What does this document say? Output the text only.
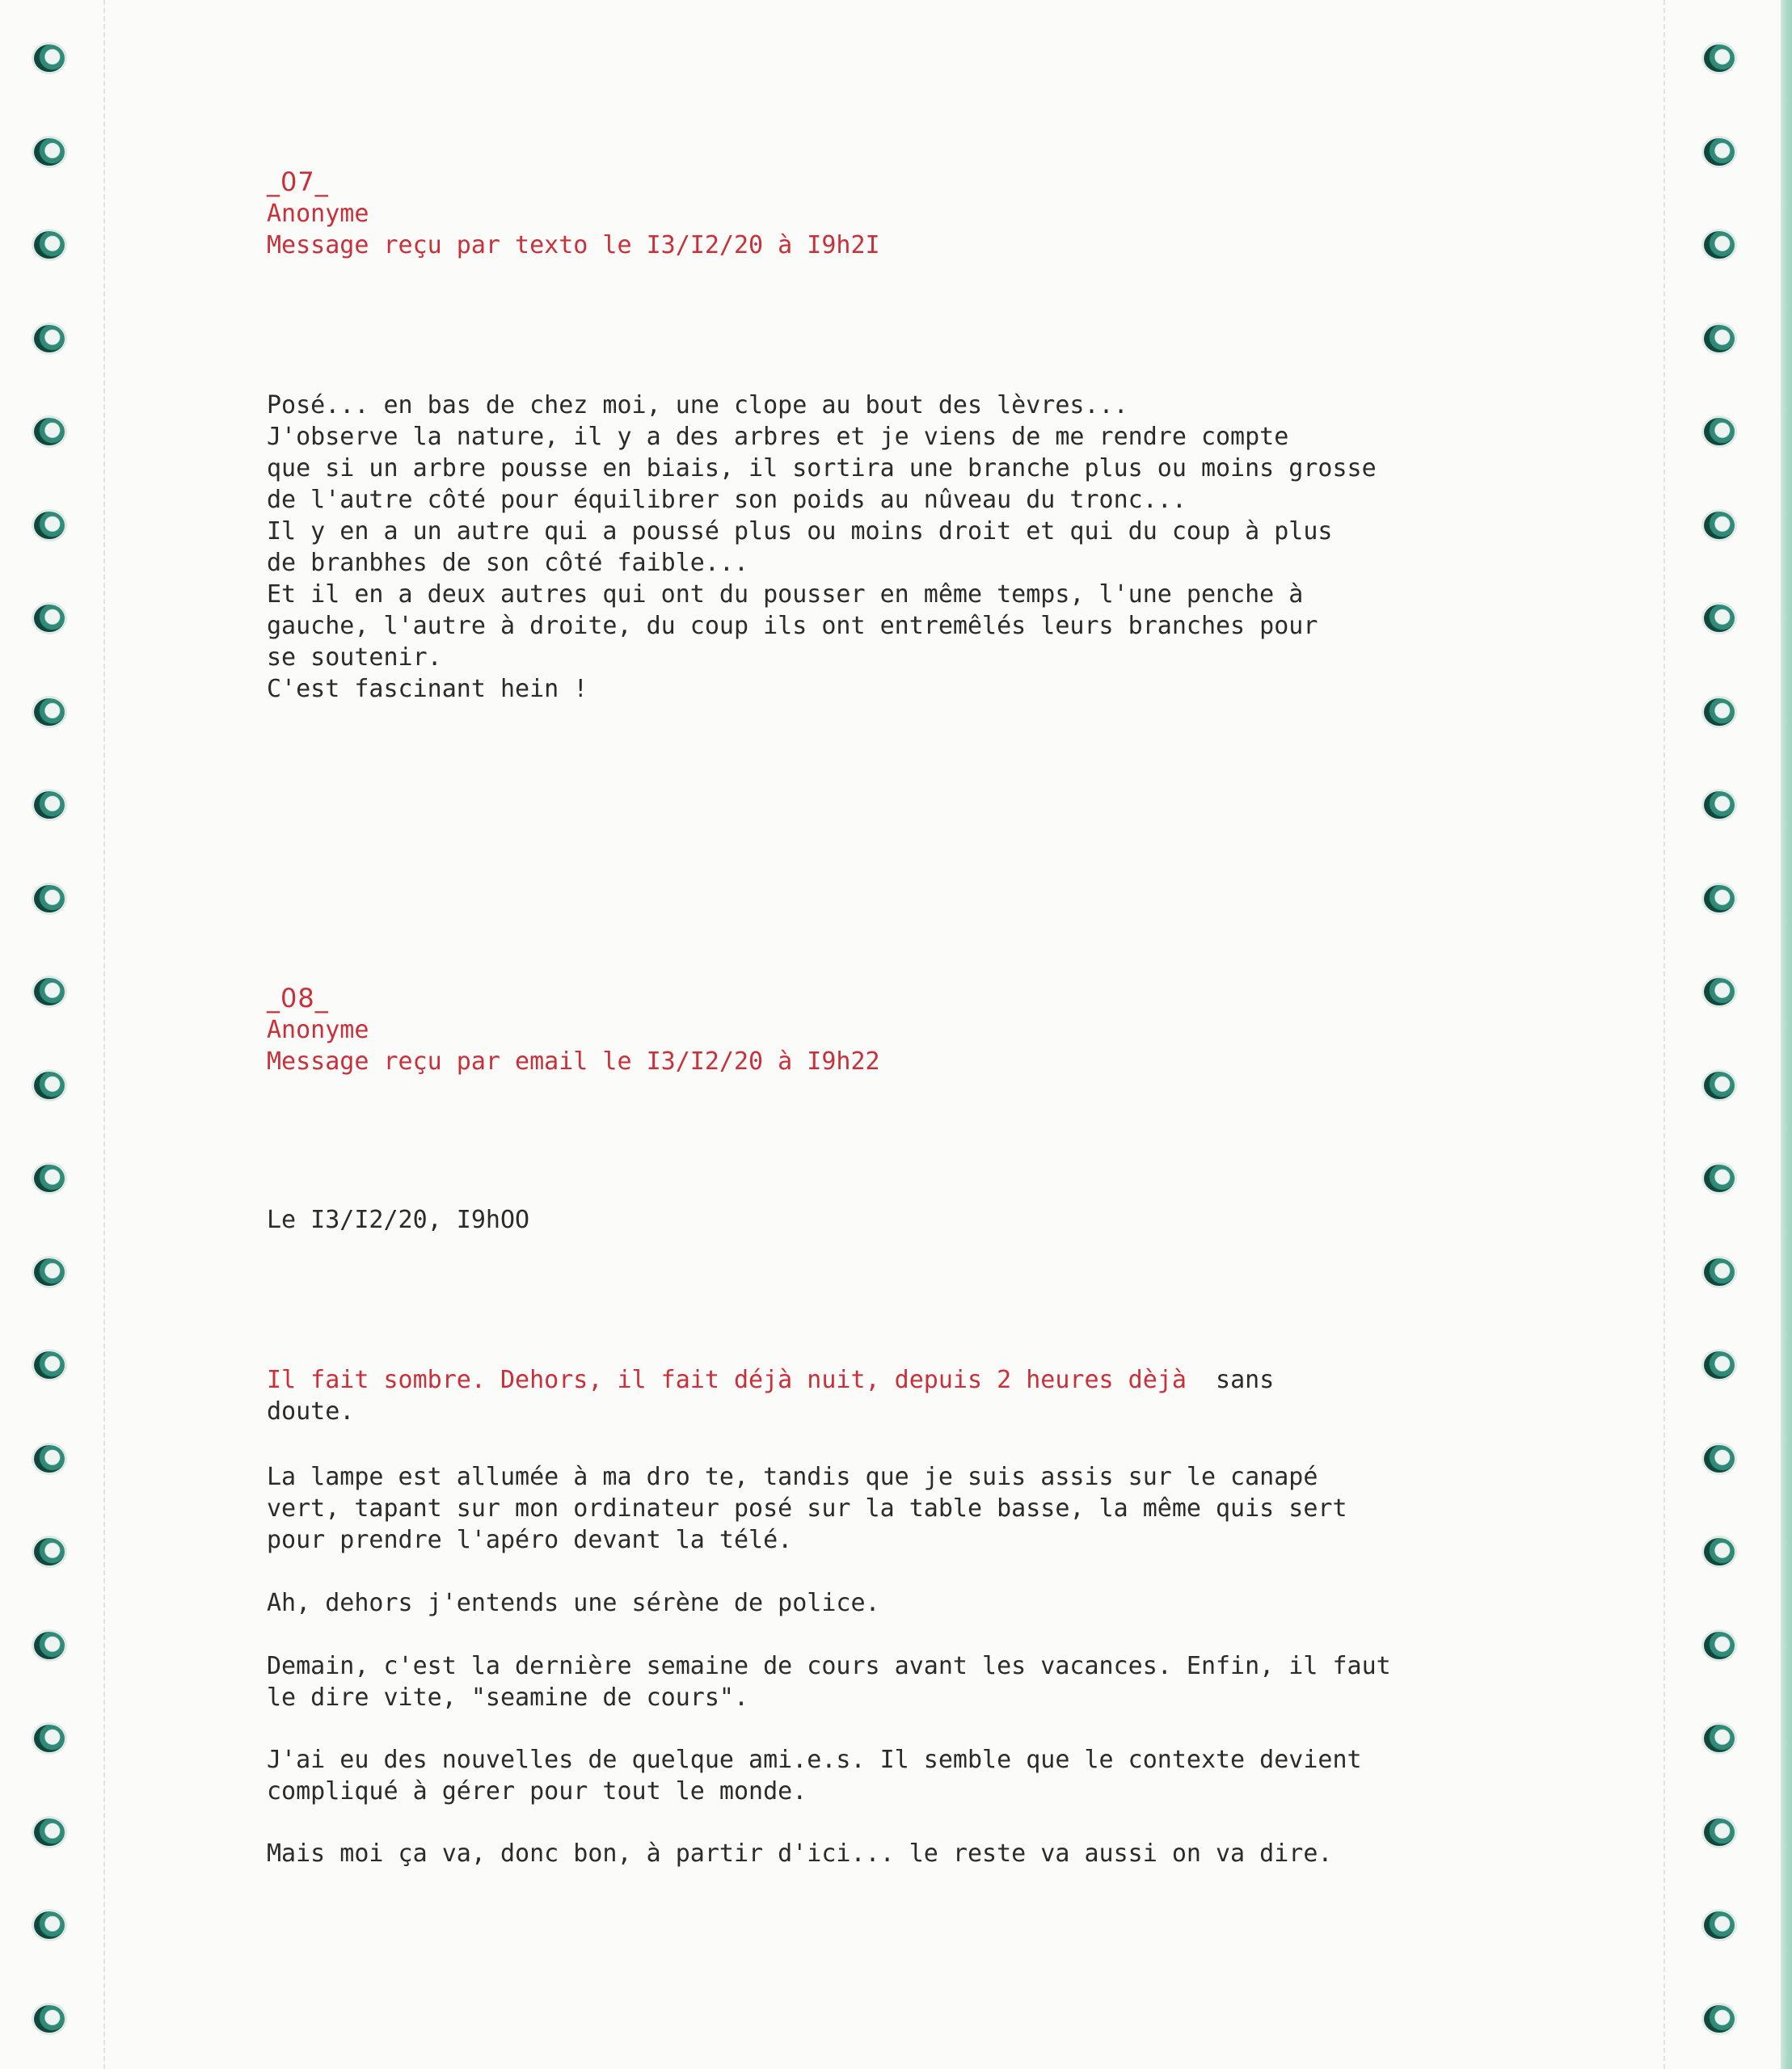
_07_
Anonyme
Message reçu par texto le I3/I2/20 à I9h2I
Posé... en bas de chez moi, une clope au bout des lèvres...
J'observe la nature, il y a des arbres et je viens de me rendre compte
que si un arbre pousse en biais, il sortira une branche plus ou moins grosse
de l'autre côté pour équilibrer son poids au nûveau du tronc...
Il y en a un autre qui a poussé plus ou moins droit et qui du coup à plus
de branbhes de son côté faible...
Et il en a deux autres qui ont du pousser en même temps, l'une penche à
gauche, l'autre à droite, du coup ils ont entremêlés leurs branches pour
se soutenir.
C'est fascinant hein !
_08_
Anonyme
Message reçu par email le I3/I2/20 à I9h22
Le I3/I2/20, I9hOO
Il fait sombre. Dehors, il fait déjà nuit, depuis 2 heures dèjà  sans
doute.
La lampe est allumée à ma dro te, tandis que je suis assis sur le canapé
vert, tapant sur mon ordinateur posé sur la table basse, la même quis sert
pour prendre l'apéro devant la télé.
Ah, dehors j'entends une sérène de police.
Demain, c'est la dernière semaine de cours avant les vacances. Enfin, il faut
le dire vite, "seamine de cours".
J'ai eu des nouvelles de quelque ami.e.s. Il semble que le contexte devient
compliqué à gérer pour tout le monde.
Mais moi ça va, donc bon, à partir d'ici... le reste va aussi on va dire.
